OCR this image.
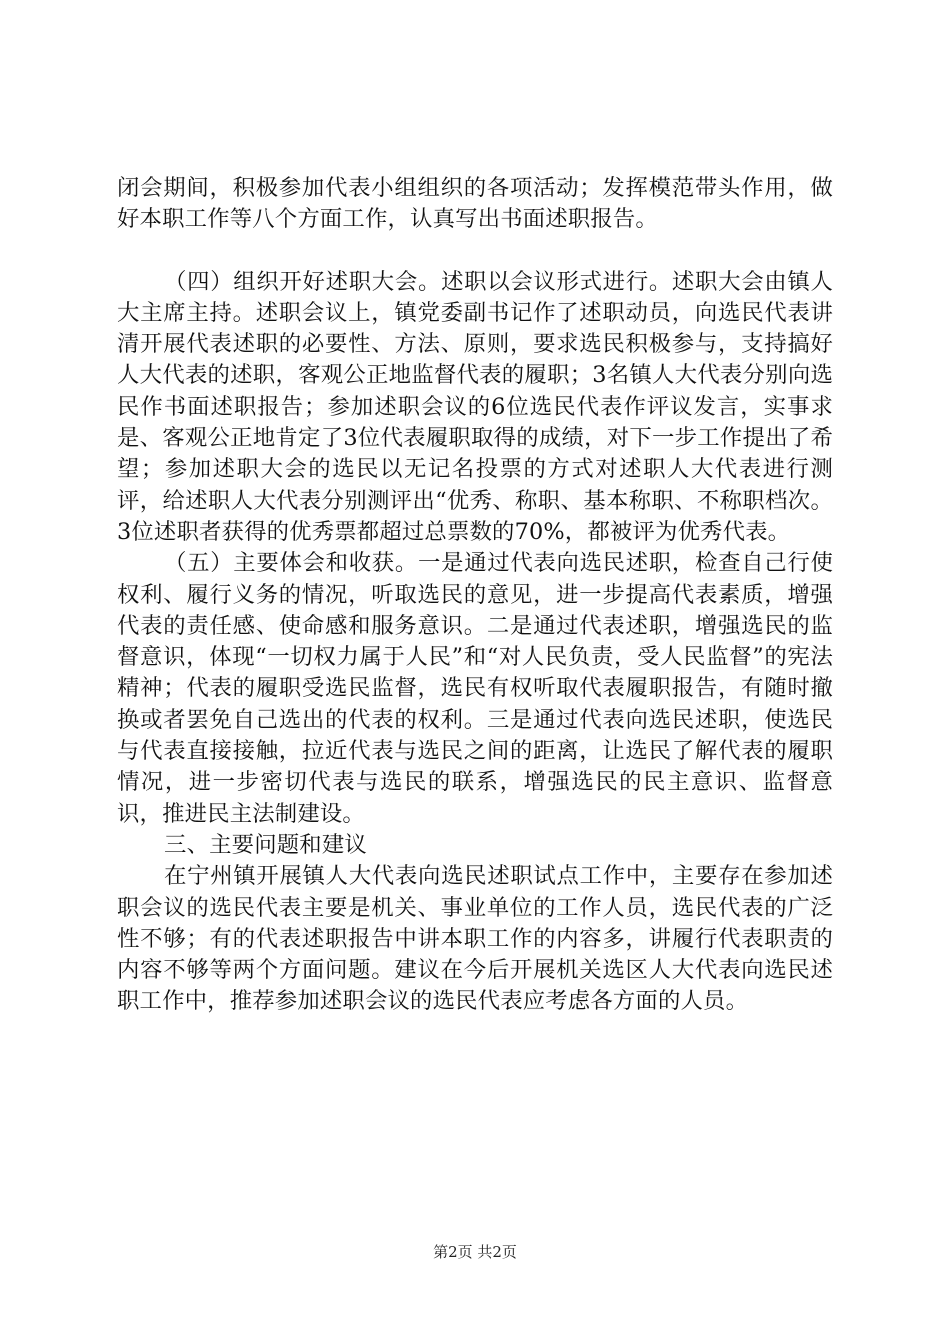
闭会期间，积极参加代表小组组织的各项活动；发挥模范带头作用，做好本职工作等八个方面工作，认真写出书面述职报告。

（四）组织开好述职大会。述职以会议形式进行。述职大会由镇人大主席主持。述职会议上，镇党委副书记作了述职动员，向选民代表讲清开展代表述职的必要性、方法、原则，要求选民积极参与，支持搞好人大代表的述职，客观公正地监督代表的履职；3名镇人大代表分别向选民作书面述职报告；参加述职会议的6位选民代表作评议发言，实事求是、客观公正地肯定了3位代表履职取得的成绩，对下一步工作提出了希望；参加述职大会的选民以无记名投票的方式对述职人大代表进行测评，给述职人大代表分别测评出“优秀、称职、基本称职、不称职档次。3位述职者获得的优秀票都超过总票数的70%，都被评为优秀代表。

（五）主要体会和收获。一是通过代表向选民述职，检查自己行使权利、履行义务的情况，听取选民的意见，进一步提高代表素质，增强代表的责任感、使命感和服务意识。二是通过代表述职，增强选民的监督意识，体现“一切权力属于人民”和“对人民负责，受人民监督”的宪法精神；代表的履职受选民监督，选民有权听取代表履职报告，有随时撤换或者罢免自己选出的代表的权利。三是通过代表向选民述职，使选民与代表直接接触，拉近代表与选民之间的距离，让选民了解代表的履职情况，进一步密切代表与选民的联系，增强选民的民主意识、监督意识，推进民主法制建设。

三、主要问题和建议

在宁州镇开展镇人大代表向选民述职试点工作中，主要存在参加述职会议的选民代表主要是机关、事业单位的工作人员，选民代表的广泛性不够；有的代表述职报告中讲本职工作的内容多，讲履行代表职责的内容不够等两个方面问题。建议在今后开展机关选区人大代表向选民述职工作中，推荐参加述职会议的选民代表应考虑各方面的人员。

第2页 共2页
